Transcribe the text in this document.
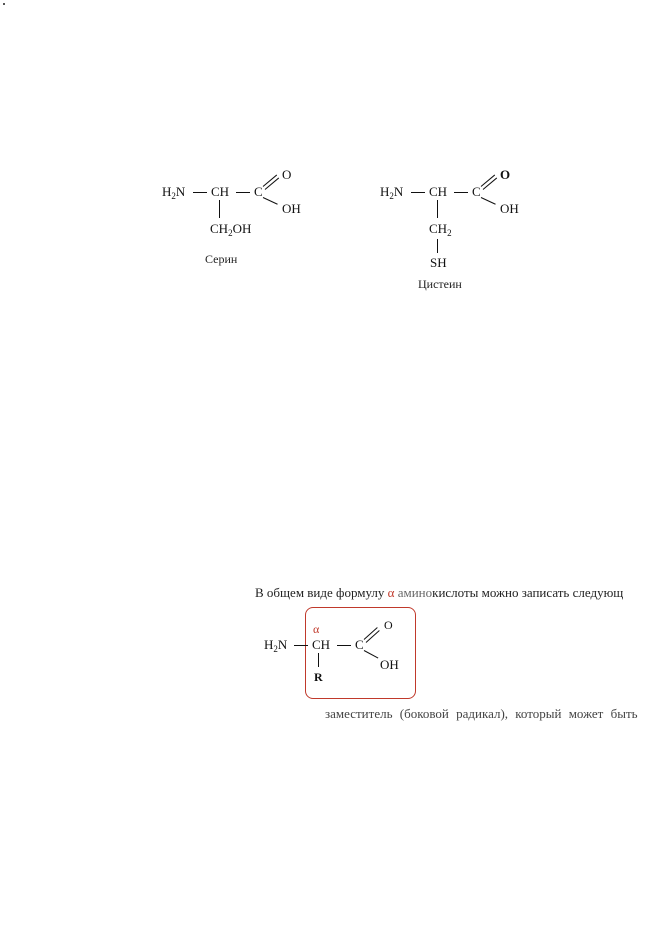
$H_2N$ CH C
O
OH
$CH_2OH$
Серин
$H_2N$ CH C
O
OH
$CH_2$
SH
Цистеин
В общем виде формулу α аминокислоты можно записать следующ
$H_2N$
α
CH C
O
OH
R
заместитель (боковой радикал), который может быть
